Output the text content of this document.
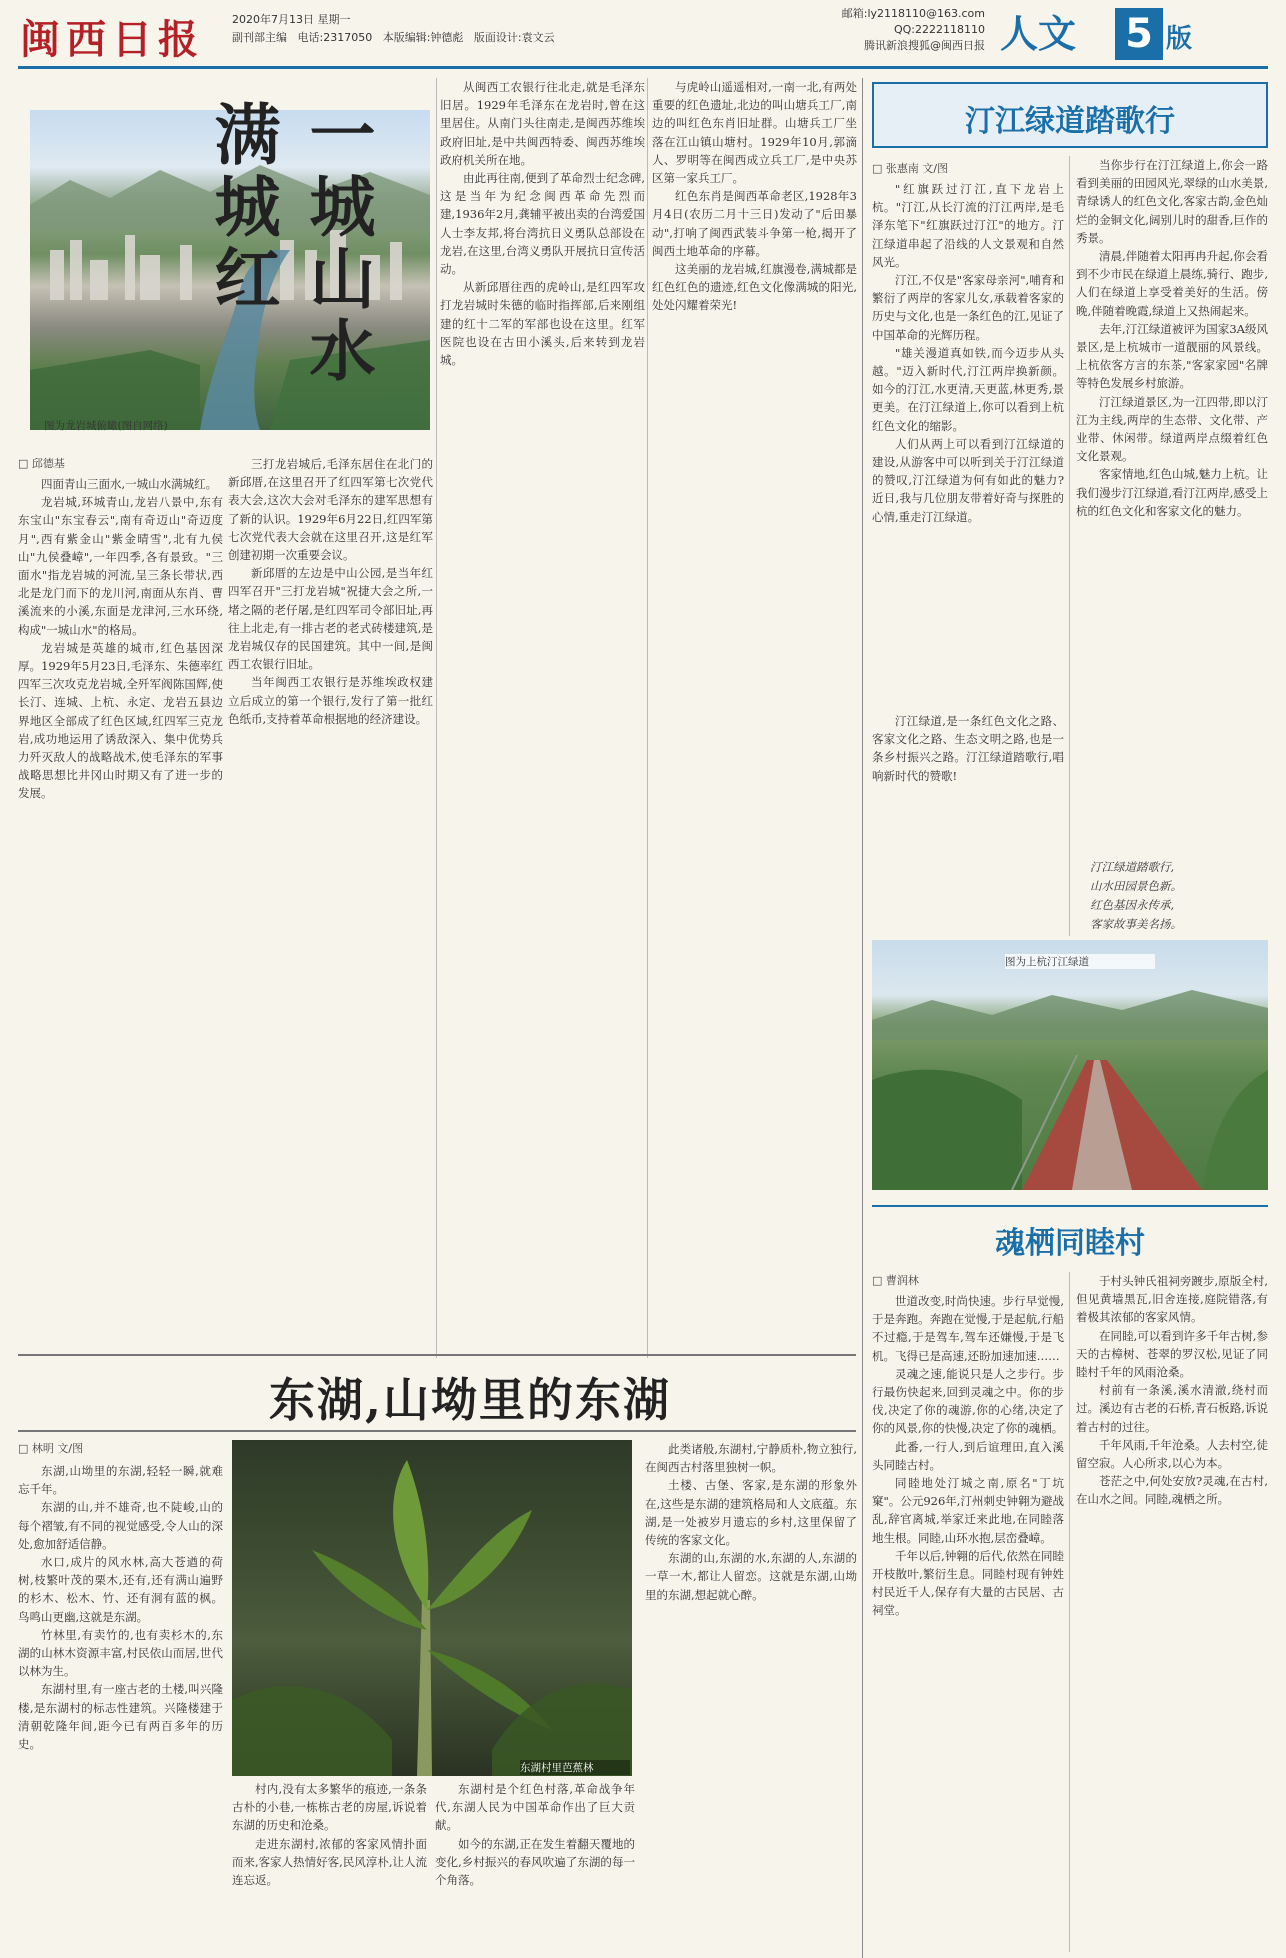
闽西日报	2020年7月13日 星期一
副刊部主编 电话:2317050 本版编辑:钟德彪 版面设计:袁文云
邮箱:ly2118110@163.com
QQ:2222118110
腾讯新浪搜狐@闽西日报 人文	5 版
图为龙岩城俯瞰(图自网络)
一城山水满城红
□ 邱德基

四面青山三面水,一城山水满城红。

龙岩城,环城青山,龙岩八景中,东有东宝山"东宝春云",南有奇迈山"奇迈度月",西有紫金山"紫金晴雪",北有九侯山"九侯叠嶂",一年四季,各有景致。"三面水"指龙岩城的河流,呈三条长带状,西北是龙门而下的龙川河,南面从东肖、曹溪流来的小溪,东面是龙津河,三水环绕,构成"一城山水"的格局。

龙岩城是英雄的城市,红色基因深厚。1929年5月23日,毛泽东、朱德率红四军三次攻克龙岩城,全歼军阀陈国辉,使长汀、连城、上杭、永定、龙岩五县边界地区全部成了红色区域,红四军三克龙岩,成功地运用了诱敌深入、集中优势兵力歼灭敌人的战略战术,使毛泽东的军事战略思想比井冈山时期又有了进一步的发展。

三打龙岩城后,毛泽东居住在北门的新邱厝,在这里召开了红四军第七次党代表大会,这次大会对毛泽东的建军思想有了新的认识。1929年6月22日,红四军第七次党代表大会就在这里召开,这是红军创建初期一次重要会议。

新邱厝的左边是中山公园,是当年红四军召开"三打龙岩城"祝捷大会之所,一堵之隔的老仔屠,是红四军司令部旧址,再往上北走,有一排古老的老式砖楼建筑,是龙岩城仅存的民国建筑。其中一间,是闽西工农银行旧址。

当年闽西工农银行是苏维埃政权建立后成立的第一个银行,发行了第一批红色纸币,支持着革命根据地的经济建设。

从闽西工农银行往北走,就是毛泽东旧居。1929年毛泽东在龙岩时,曾在这里居住。从南门头往南走,是闽西苏维埃政府旧址,是中共闽西特委、闽西苏维埃政府机关所在地。

由此再往南,便到了革命烈士纪念碑,这是当年为纪念闽西革命先烈而建,1936年2月,龚辅平被出卖的台湾爱国人士李友邦,将台湾抗日义勇队总部设在龙岩,在这里,台湾义勇队开展抗日宣传活动。

从新邱厝往西的虎岭山,是红四军攻打龙岩城时朱德的临时指挥部,后来刚组建的红十二军的军部也设在这里。红军医院也设在古田小溪头,后来转到龙岩城。

与虎岭山遥遥相对,一南一北,有两处重要的红色遗址,北边的叫山塘兵工厂,南边的叫红色东肖旧址群。山塘兵工厂坐落在江山镇山塘村。1929年10月,郭滴人、罗明等在闽西成立兵工厂,是中央苏区第一家兵工厂。

红色东肖是闽西革命老区,1928年3月4日(农历二月十三日)发动了"后田暴动",打响了闽西武装斗争第一枪,揭开了闽西土地革命的序幕。

这美丽的龙岩城,红旗漫卷,满城都是红色红色的遗迹,红色文化像满城的阳光,处处闪耀着荣光!

东湖,山坳里的东湖
□ 林明 文/图

东湖,山坳里的东湖,轻轻一瞬,就难忘千年。

东湖的山,并不雄奇,也不陡峻,山的每个褶皱,有不同的视觉感受,令人山的深处,愈加舒适信静。

水口,成片的风水林,高大苍遒的荷树,枝繁叶茂的栗木,还有,还有满山遍野的杉木、松木、竹、还有洞有蓝的枫。鸟鸣山更幽,这就是东湖。

竹林里,有卖竹的,也有卖杉木的,东湖的山林木资源丰富,村民依山而居,世代以林为生。

东湖村里,有一座古老的土楼,叫兴隆楼,是东湖村的标志性建筑。兴隆楼建于清朝乾隆年间,距今已有两百多年的历史。

东湖村里芭蕉林

村内,没有太多繁华的痕迹,一条条古朴的小巷,一栋栋古老的房屋,诉说着东湖的历史和沧桑。

走进东湖村,浓郁的客家风情扑面而来,客家人热情好客,民风淳朴,让人流连忘返。

东湖村是个红色村落,革命战争年代,东湖人民为中国革命作出了巨大贡献。

如今的东湖,正在发生着翻天覆地的变化,乡村振兴的春风吹遍了东湖的每一个角落。

此类诸般,东湖村,宁静质朴,物立独行,在闽西古村落里独树一帜。

土楼、古堡、客家,是东湖的形象外在,这些是东湖的建筑格局和人文底蕴。东湖,是一处被岁月遗忘的乡村,这里保留了传统的客家文化。

东湖的山,东湖的水,东湖的人,东湖的一草一木,都让人留恋。这就是东湖,山坳里的东湖,想起就心醉。

汀江绿道踏歌行
□ 张惠南 文/图

"红旗跃过汀江,直下龙岩上杭。"汀江,从长汀流的汀江两岸,是毛泽东笔下"红旗跃过汀江"的地方。汀江绿道串起了沿线的人文景观和自然风光。

汀江,不仅是"客家母亲河",哺育和繁衍了两岸的客家儿女,承载着客家的历史与文化,也是一条红色的江,见证了中国革命的光辉历程。

"雄关漫道真如铁,而今迈步从头越。"迈入新时代,汀江两岸换新颜。如今的汀江,水更清,天更蓝,林更秀,景更美。在汀江绿道上,你可以看到上杭红色文化的缩影。

人们从两上可以看到汀江绿道的建设,从游客中可以听到关于汀江绿道的赞叹,汀江绿道为何有如此的魅力?近日,我与几位朋友带着好奇与探胜的心情,重走汀江绿道。

当你步行在汀江绿道上,你会一路看到美丽的田园风光,翠绿的山水美景,青绿诱人的红色文化,客家古韵,金色灿烂的金铜文化,阔别儿时的甜香,巨作的秀景。

清晨,伴随着太阳再冉升起,你会看到不少市民在绿道上晨练,骑行、跑步,人们在绿道上享受着美好的生活。傍晚,伴随着晚霞,绿道上又热闹起来。

去年,汀江绿道被评为国家3A级风景区,是上杭城市一道靓丽的风景线。上杭依客方言的东茶,"客家家园"名牌等特色发展乡村旅游。

汀江绿道景区,为一江四带,即以汀江为主线,两岸的生态带、文化带、产业带、休闲带。绿道两岸点缀着红色文化景观。

客家情地,红色山城,魅力上杭。让我们漫步汀江绿道,看汀江两岸,感受上杭的红色文化和客家文化的魅力。

汀江绿道踏歌行,
山水田园景色新。
红色基因永传承,
客家故事美名扬。

汀江绿道,是一条红色文化之路、客家文化之路、生态文明之路,也是一条乡村振兴之路。汀江绿道踏歌行,唱响新时代的赞歌!

图为上杭汀江绿道
魂栖同睦村
□ 曹润林

世道改变,时尚快速。步行早觉慢,于是奔跑。奔跑在觉慢,于是起航,行船不过瘾,于是驾车,驾车还嫌慢,于是飞机。飞得已是高速,还盼加速加速……

灵魂之速,能说只是人之步行。步行最伤快起来,回到灵魂之中。你的步伐,决定了你的魂游,你的心绪,决定了你的风景,你的快慢,决定了你的魂栖。

此番,一行人,到后谊理田,直入溪头同睦古村。

同睦地处汀城之南,原名"丁坑窠"。公元926年,汀州刺史钟翱为避战乱,辞官离城,举家迁来此地,在同睦落地生根。同睦,山环水抱,层峦叠嶂。

千年以后,钟翱的后代,依然在同睦开枝散叶,繁衍生息。同睦村现有钟姓村民近千人,保存有大量的古民居、古祠堂。

于村头钟氏祖祠旁踱步,原版全村,但见黄墙黑瓦,旧舍连接,庭院错落,有着极其浓郁的客家风情。

在同睦,可以看到许多千年古树,参天的古樟树、苍翠的罗汉松,见证了同睦村千年的风雨沧桑。

村前有一条溪,溪水清澈,绕村而过。溪边有古老的石桥,青石板路,诉说着古村的过往。

千年风雨,千年沧桑。人去村空,徒留空寂。人心所求,以心为本。

苍茫之中,何处安放?灵魂,在古村,在山水之间。同睦,魂栖之所。
